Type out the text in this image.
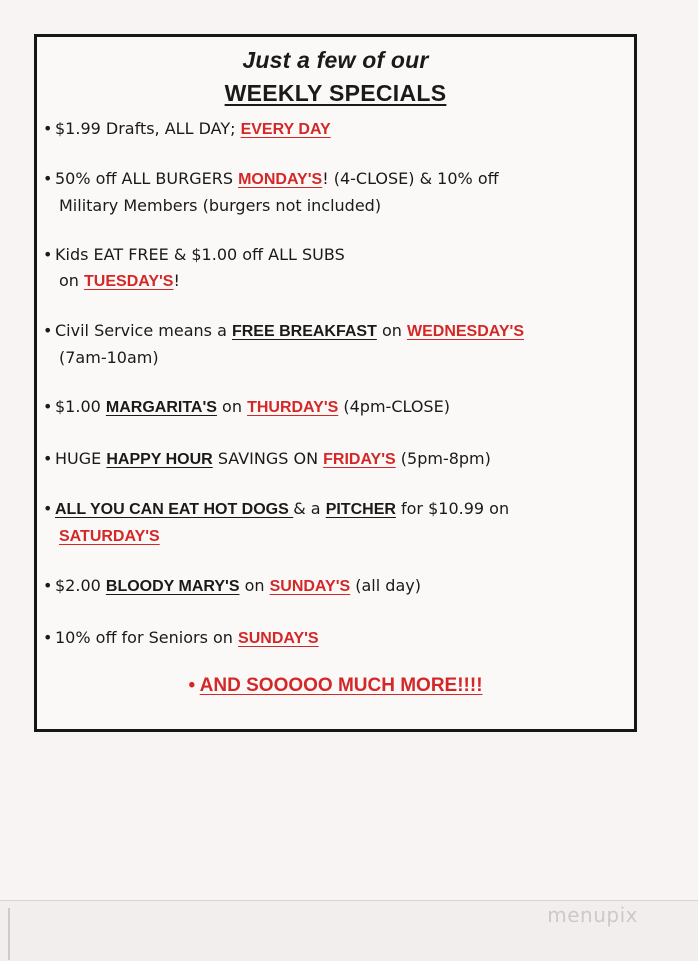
Just a few of our
WEEKLY SPECIALS
• $1.99 Drafts, ALL DAY; EVERY DAY
• 50% off ALL BURGERS MONDAY'S! (4-CLOSE) & 10% off
Military Members (burgers not included)
• Kids EAT FREE & $1.00 off ALL SUBS
on TUESDAY'S!
• Civil Service means a FREE BREAKFAST on WEDNESDAY'S
(7am-10am)
• $1.00 MARGARITA'S on THURDAY'S (4pm-CLOSE)
• HUGE HAPPY HOUR SAVINGS ON FRIDAY'S (5pm-8pm)
• ALL YOU CAN EAT HOT DOGS & a PITCHER for $10.99 on
SATURDAY'S
• $2.00 BLOODY MARY'S on SUNDAY'S (all day)
• 10% off for Seniors on SUNDAY'S
• AND SOOOOO MUCH MORE!!!!
menupix
